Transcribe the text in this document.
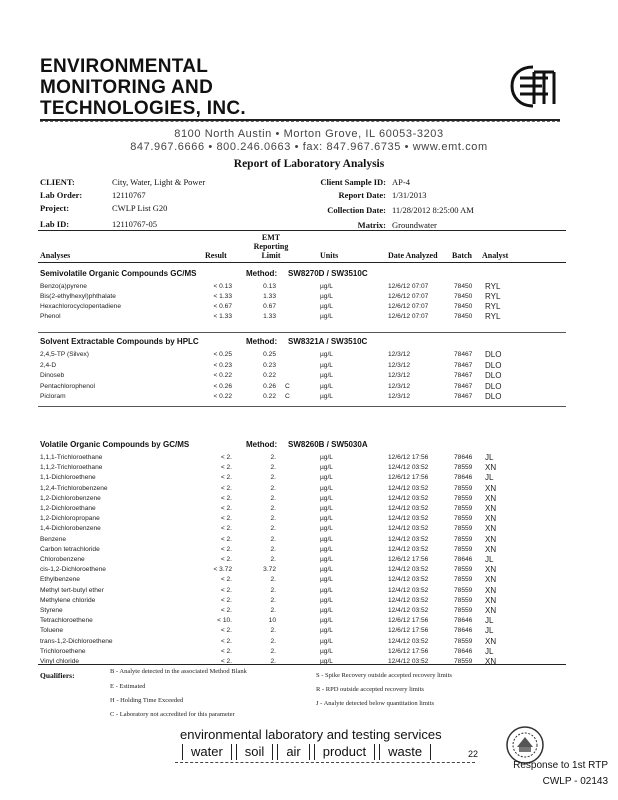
ENVIRONMENTAL
MONITORING AND
TECHNOLOGIES, INC.
8100 North Austin • Morton Grove, IL 60053-3203
847.967.6666 • 800.246.0663 • fax: 847.967.6735 • www.emt.com
Report of Laboratory Analysis
CLIENT:	City, Water, Light & Power
Lab Order:	12110767
Project:	CWLP List G20
Lab ID:	12110767-05
Client Sample ID: AP-4
Report Date: 1/31/2013
Collection Date: 11/28/2012 8:25:00 AM
Matrix: Groundwater
Analyses	Result
EMT
Reporting
Limit	Units	Date Analyzed Batch Analyst
Semivolatile Organic Compounds GC/MS	Method: SW8270D / SW3510C
Benzo(a)pyrene	< 0.13	0.13	µg/L	12/6/12 07:07	78450 RYL
Bis(2-ethylhexyl)phthalate	< 1.33	1.33	µg/L	12/6/12 07:07	78450 RYL
Hexachlorocyclopentadiene	< 0.67	0.67	µg/L	12/6/12 07:07	78450 RYL
Phenol	< 1.33	1.33	µg/L	12/6/12 07:07	78450 RYL
Solvent Extractable Compounds by HPLC	Method: SW8321A / SW3510C
2,4,5-TP (Silvex)	< 0.25	0.25	µg/L	12/3/12	78467 DLO
2,4-D	< 0.23	0.23	µg/L	12/3/12	78467 DLO
Dinoseb	< 0.22	0.22	µg/L	12/3/12	78467 DLO
Pentachlorophenol	< 0.26	0.26 C	µg/L	12/3/12	78467 DLO
Picloram	< 0.22	0.22 C	µg/L	12/3/12	78467 DLO
Volatile Organic Compounds by GC/MS	Method: SW8260B / SW5030A
1,1,1-Trichloroethane	< 2.	2.	µg/L	12/6/12 17:56	78646 JL
1,1,2-Trichloroethane	< 2.	2.	µg/L	12/4/12 03:52	78559 XN
1,1-Dichloroethene	< 2.	2.	µg/L	12/6/12 17:56	78646 JL
1,2,4-Trichlorobenzene	< 2.	2.	µg/L	12/4/12 03:52	78559 XN
1,2-Dichlorobenzene	< 2.	2.	µg/L	12/4/12 03:52	78559 XN
1,2-Dichloroethane	< 2.	2.	µg/L	12/4/12 03:52	78559 XN
1,2-Dichloropropane	< 2.	2.	µg/L	12/4/12 03:52	78559 XN
1,4-Dichlorobenzene	< 2.	2.	µg/L	12/4/12 03:52	78559 XN
Benzene	< 2.	2.	µg/L	12/4/12 03:52	78559 XN
Carbon tetrachloride	< 2.	2.	µg/L	12/4/12 03:52	78559 XN
Chlorobenzene	< 2.	2.	µg/L	12/6/12 17:56	78646 JL
cis-1,2-Dichloroethene	< 3.72	3.72	µg/L	12/4/12 03:52	78559 XN
Ethylbenzene	< 2.	2.	µg/L	12/4/12 03:52	78559 XN
Methyl tert-butyl ether	< 2.	2.	µg/L	12/4/12 03:52	78559 XN
Methylene chloride	< 2.	2.	µg/L	12/4/12 03:52	78559 XN
Styrene	< 2.	2.	µg/L	12/4/12 03:52	78559 XN
Tetrachloroethene	< 10.	10	µg/L	12/6/12 17:56	78646 JL
Toluene	< 2.	2.	µg/L	12/6/12 17:56	78646 JL
trans-1,2-Dichloroethene	< 2.	2.	µg/L	12/4/12 03:52	78559 XN
Trichloroethene	< 2.	2.	µg/L	12/6/12 17:56	78646 JL
Vinyl chloride	< 2.	2.	µg/L	12/4/12 03:52	78559 XN
Qualifiers:	B - Analyte detected in the associated Method Blank
E - Estimated
H - Holding Time Exceeded
C - Laboratory not accredited for this parameter
S - Spike Recovery outside accepted recovery limits
R - RPD outside accepted recovery limits
J - Analyte detected below quantitation limits
environmental laboratory and testing services
water	soil	air	product	waste	22
Response to 1st RTP
CWLP - 02143
